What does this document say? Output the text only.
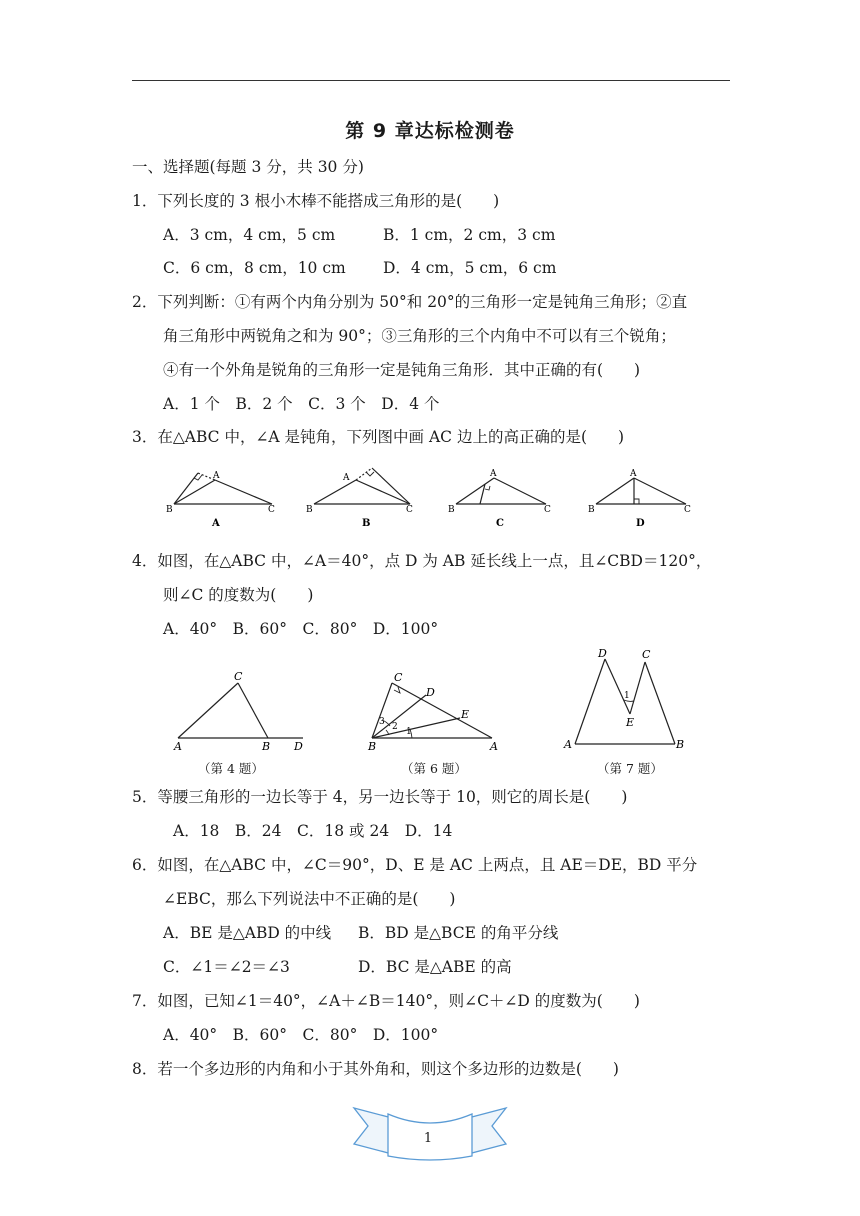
第 9 章达标检测卷
一、选择题(每题 3 分，共 30 分)
1．下列长度的 3 根小木棒不能搭成三角形的是(　　)
A．3 cm，4 cm，5 cm	B．1 cm，2 cm，3 cm
C．6 cm，8 cm，10 cm D．4 cm，5 cm，6 cm
2．下列判断：①有两个内角分别为 50°和 20°的三角形一定是钝角三角形；②直
角三角形中两锐角之和为 90°；③三角形的三个内角中不可以有三个锐角；
④有一个外角是锐角的三角形一定是钝角三角形．其中正确的有(　　)
A．1 个　B．2 个　C．3 个　D．4 个
3．在△ABC 中，∠A 是钝角，下列图中画 AC 边上的高正确的是(　　)
B
A
C
A
B
A
C
B
B
A
C
C
B
A
C
D
4．如图，在△ABC 中，∠A＝40°，点 D 为 AB 延长线上一点，且∠CBD＝120°，
则∠C 的度数为(　　)
A．40°　B．60°　C．80°　D．100°
A	B
C
D
（第 4 题）
B	A
C
D
E
1
2
3
（第 6 题）
A	B
C
D
E
1
（第 7 题）
5．等腰三角形的一边长等于 4，另一边长等于 10，则它的周长是(　　)
A．18　B．24　C．18 或 24　D．14
6．如图，在△ABC 中，∠C＝90°，D、E 是 AC 上两点，且 AE＝DE，BD 平分
∠EBC，那么下列说法中不正确的是(　　)
A．BE 是△ABD 的中线 B．BD 是△BCE 的角平分线
C．∠1＝∠2＝∠3	D．BC 是△ABE 的高
7．如图，已知∠1＝40°，∠A＋∠B＝140°，则∠C＋∠D 的度数为(　　)
A．40°　B．60°　C．80°　D．100°
8．若一个多边形的内角和小于其外角和，则这个多边形的边数是(　　)
1
